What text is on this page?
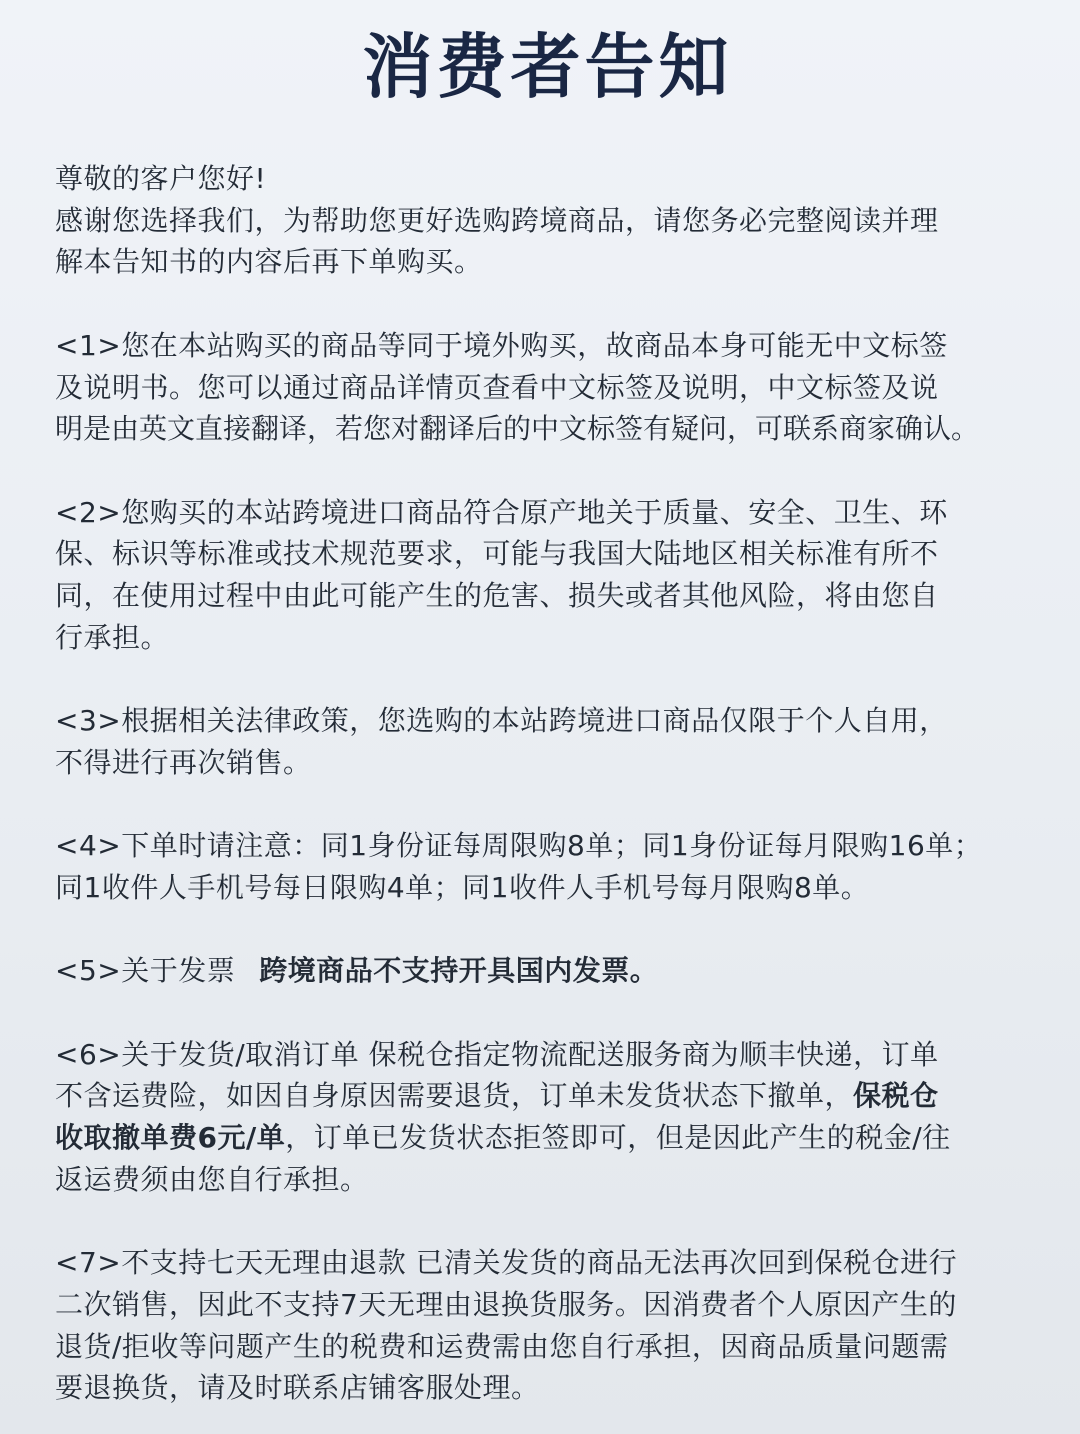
消费者告知

尊敬的客户您好!
感谢您选择我们，为帮助您更好选购跨境商品，请您务必完整阅读并理
解本告知书的内容后再下单购买。

<1>您在本站购买的商品等同于境外购买，故商品本身可能无中文标签
及说明书。您可以通过商品详情页查看中文标签及说明，中文标签及说
明是由英文直接翻译，若您对翻译后的中文标签有疑问，可联系商家确认。

<2>您购买的本站跨境进口商品符合原产地关于质量、安全、卫生、环
保、标识等标准或技术规范要求，可能与我国大陆地区相关标准有所不
同，在使用过程中由此可能产生的危害、损失或者其他风险，将由您自
行承担。

<3>根据相关法律政策，您选购的本站跨境进口商品仅限于个人自用，
不得进行再次销售。

<4>下单时请注意：同1身份证每周限购8单；同1身份证每月限购16单；
同1收件人手机号每日限购4单；同1收件人手机号每月限购8单。

<5>关于发票 跨境商品不支持开具国内发票。

<6>关于发货/取消订单 保税仓指定物流配送服务商为顺丰快递，订单
不含运费险，如因自身原因需要退货，订单未发货状态下撤单，保税仓
收取撤单费6元/单，订单已发货状态拒签即可，但是因此产生的税金/往
返运费须由您自行承担。

<7>不支持七天无理由退款 已清关发货的商品无法再次回到保税仓进行
二次销售，因此不支持7天无理由退换货服务。因消费者个人原因产生的
退货/拒收等问题产生的税费和运费需由您自行承担，因商品质量问题需
要退换货，请及时联系店铺客服处理。
